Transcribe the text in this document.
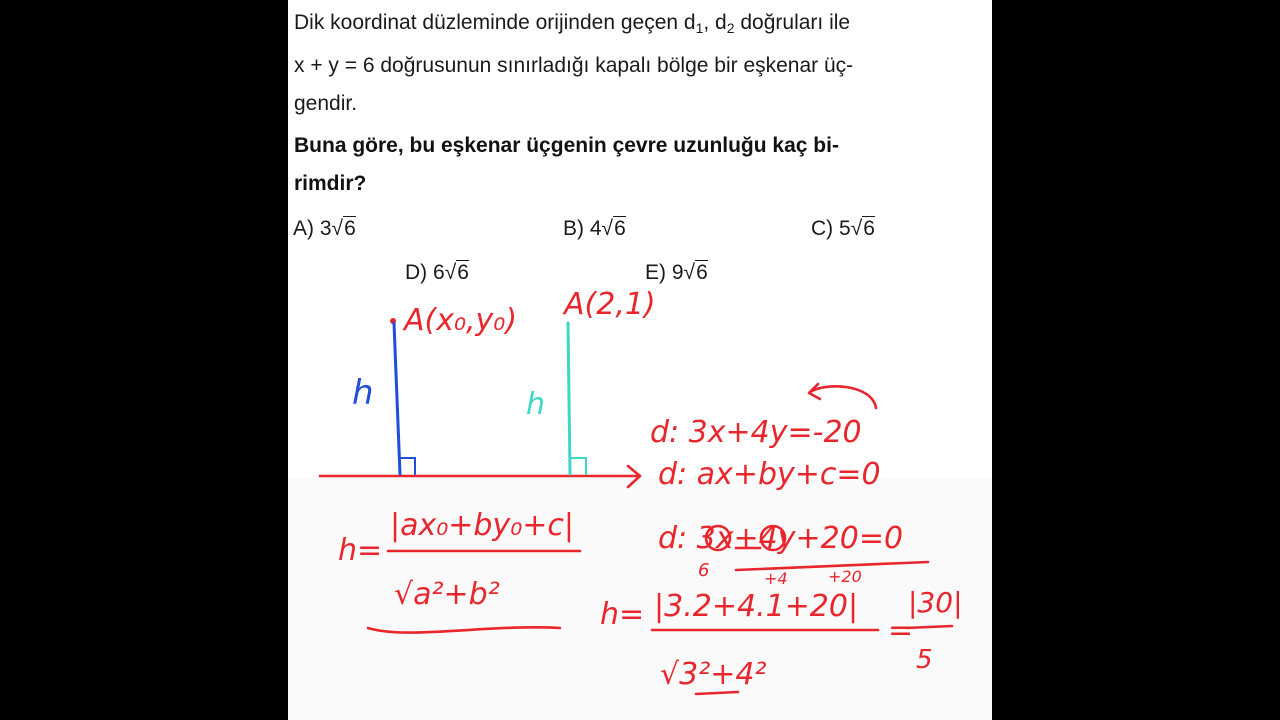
Dik koordinat düzleminde orijinden geçen $d_1$, $d_2$ doğruları ile
x + y = 6 doğrusunun sınırladığı kapalı bölge bir eşkenar üç-
gendir.
Buna göre, bu eşkenar üçgenin çevre uzunluğu kaç bi-
rimdir?
A) 3√6	B) 4√6	C) 5√6
D) 6√6	E) 9√6
h	h
A(x₀,y₀) A(2,1)
d: 3x+4y=-20
d: ax+by+c=0
d: 3x+4y+20=0
6	+4	+20
h=
|ax₀+by₀+c|
√a²+b²
h= |3.2+4.1+20|
√3²+4²
=
|30|
5
